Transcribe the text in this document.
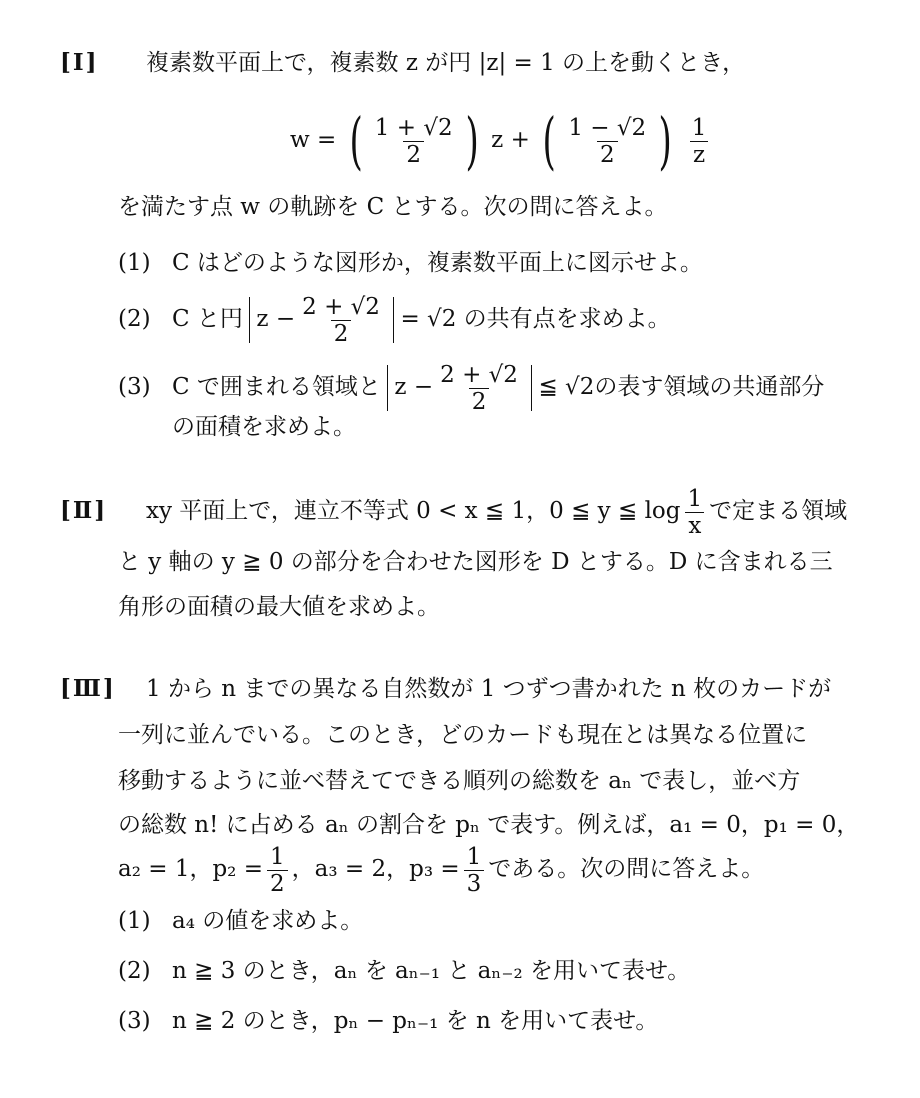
[Ⅰ] 複素数平面上で，複素数 z が円 |z| = 1 の上を動くとき，
w = ( $\frac{1 + √2}{2}$ ) z + ( $\frac{1 - √2}{2}$ ) $\frac{1}{z}$
を満たす点 w の軌跡を C とする。次の問に答えよ。
(1) C はどのような図形か，複素数平面上に図示せよ。
(2) C と円 $z - \frac{2 + √2}{2} = √2$ の共有点を求めよ。
(3) C で囲まれる領域と $z - \frac{2 + √2}{2}$ ≦ √2の表す領域の共通部分
の面積を求めよ。
[Ⅱ] xy 平面上で，連立不等式 0 < x ≦ 1，0 ≦ y ≦ $\log \frac{1}{x}$ で定まる領域
と y 軸の y ≧ 0 の部分を合わせた図形を D とする。D に含まれる三
角形の面積の最大値を求めよ。
[Ⅲ] 1 から n までの異なる自然数が 1 つずつ書かれた n 枚のカードが
一列に並んでいる。このとき，どのカードも現在とは異なる位置に
移動するように並べ替えてできる順列の総数を aₙ で表し，並べ方
の総数 n! に占める aₙ の割合を pₙ で表す。例えば，a₁ = 0，p₁ = 0，
a₂ = 1，$p_2 = \frac{1}{2}$ ，a₃ = 2，$p_3 = \frac{1}{3}$ である。次の問に答えよ。
(1) a₄ の値を求めよ。
(2) n ≧ 3 のとき，aₙ を aₙ₋₁ と aₙ₋₂ を用いて表せ。
(3) n ≧ 2 のとき，pₙ − pₙ₋₁ を n を用いて表せ。
